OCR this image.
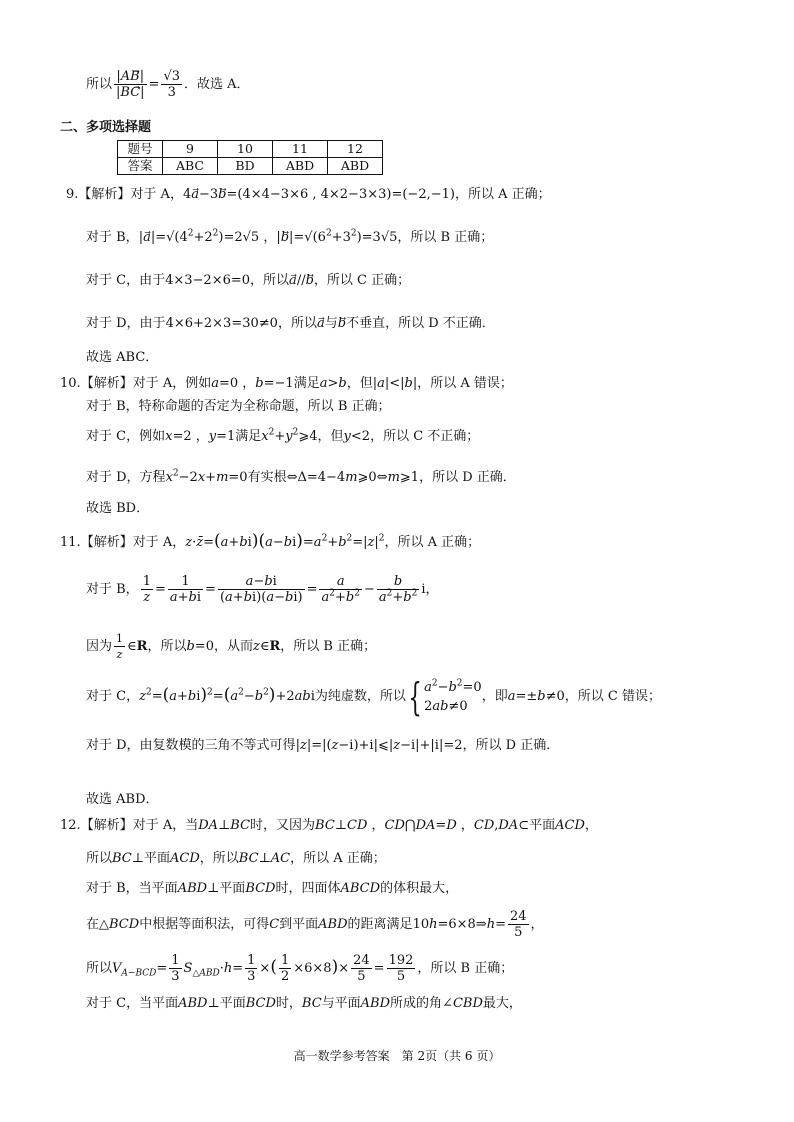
所以 $\frac{|AB⃗|}{|BC⃗|} = \frac{√3}{3}$ ．故选 A．
二、多项选择题
题号	9	10	11	12
答案	ABC	BD	ABD	ABD
9.【解析】对于 A，4a⃗−3b⃗=(4×4−3×6 , 4×2−3×3)=(−2,−1)，所以 A 正确；
对于 B，$|a⃗|=√(4^2+2^2)=2√5$ ，$|b⃗|=√(6^2+3^2)=3√5$，所以 B 正确；
对于 C，由于4×3−2×6=0，所以a⃗//b，所以 C 正确；
对于 D，由于4×6+2×3=30≠0，所以a与b不垂直，所以 D 不正确．
故选 ABC．
10.【解析】对于 A，例如a=0 ，b=−1满足a>b，但|a|<|b|，所以 A 错误；
对于 B，特称命题的否定为全称命题，所以 B 正确；
对于 C，例如x=2 ，y=1满足$x^2+y^2⩾4$，但y<2，所以 C 不正确；
对于 D，方程$x^2-2x+m=0$有实根⇔Δ=4−4m⩾0⇔m⩾1，所以 D 正确．
故选 BD．
11.【解析】对于 A，$z\cdot z̄=(a+bi)(a-bi)=a^2+b^2=|z|^2$，所以 A 正确；
对于 B， $\frac{1}{z} = \frac{1}{a+bi} = \frac{a-bi}{(a+bi)(a-bi)} = \frac{a}{a^2+b^2} - \frac{b}{a^2+b^2}$ i，
因为 $\frac{1}{z}$ ∈R，所以b=0，从而z∈R，所以 B 正确；
对于 C，$z^2=(a+bi)^2=(a^2-b^2)+2abi$为纯虚数，所以{ $a^2-b^2=0$
2ab≠0，即a=±b≠0，所以 C 错误；
对于 D，由复数模的三角不等式可得|z|=|(z−i)+i|⩽|z−i|+|i|=2，所以 D 正确．
故选 ABD．
12.【解析】对于 A，当DA⊥BC时，又因为BC⊥CD ，CD⋂DA=D ，CD,DA⊂平面ACD，
所以BC⊥平面ACD，所以BC⊥AC，所以 A 正确；
对于 B，当平面ABD⊥平面BCD时，四面体ABCD的体积最大，
在△BCD中根据等面积法，可得C到平面ABD的距离满足10h=6×8⇒h= $\frac{24}{5}$ ，
所以$V_{A-BCD}= \frac{1}{3} S_{\triangle ABD}\cdot h= \frac{1}{3}$ ×( $\frac{1}{2} \times 6\times 8)\times \frac{24}{5} = \frac{192}{5}$ ，所以 B 正确；
对于 C，当平面ABD⊥平面BCD时，BC与平面ABD所成的角∠CBD最大，
高一数学参考答案　第 2页（共 6 页）
